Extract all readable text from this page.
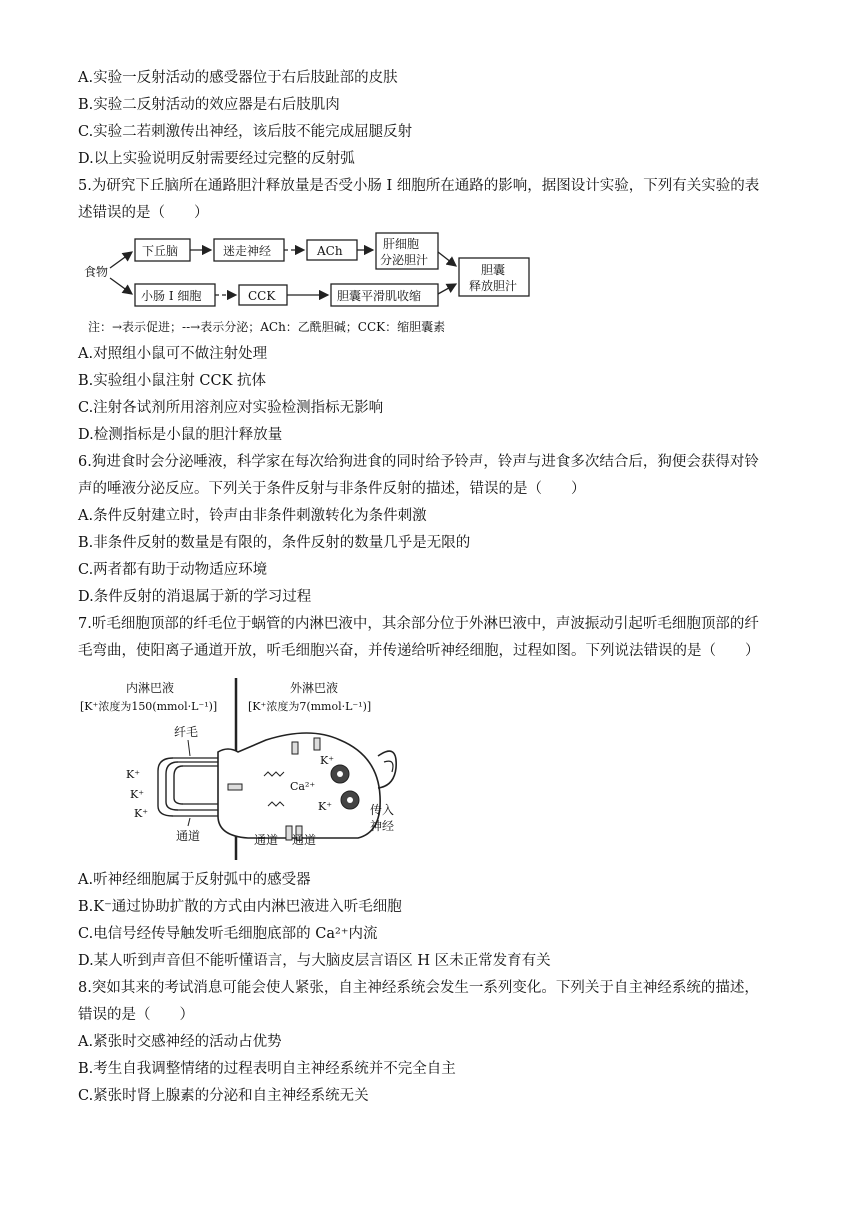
A.实验一反射活动的感受器位于右后肢趾部的皮肤
B.实验二反射活动的效应器是右后肢肌肉
C.实验二若刺激传出神经，该后肢不能完成屈腿反射
D.以上实验说明反射需要经过完整的反射弧
5.为研究下丘脑所在通路胆汁释放量是否受小肠 I 细胞所在通路的影响，据图设计实验，下列有关实验的表
述错误的是（　　）
食物
下丘脑	迷走神经	ACh	肝细胞
分泌胆汁
小肠 I 细胞	CCK	胆囊平滑肌收缩
胆囊
释放胆汁
注：→表示促进；--→表示分泌；ACh：乙酰胆碱；CCK：缩胆囊素
A.对照组小鼠可不做注射处理
B.实验组小鼠注射 CCK 抗体
C.注射各试剂所用溶剂应对实验检测指标无影响
D.检测指标是小鼠的胆汁释放量
6.狗进食时会分泌唾液，科学家在每次给狗进食的同时给予铃声，铃声与进食多次结合后，狗便会获得对铃
声的唾液分泌反应。下列关于条件反射与非条件反射的描述，错误的是（　　）
A.条件反射建立时，铃声由非条件刺激转化为条件刺激
B.非条件反射的数量是有限的，条件反射的数量几乎是无限的
C.两者都有助于动物适应环境
D.条件反射的消退属于新的学习过程
7.听毛细胞顶部的纤毛位于蜗管的内淋巴液中，其余部分位于外淋巴液中，声波振动引起听毛细胞顶部的纤
毛弯曲，使阳离子通道开放，听毛细胞兴奋，并传递给听神经细胞，过程如图。下列说法错误的是（　　）
内淋巴液
[K⁺浓度为150(mmol·L⁻¹)]
外淋巴液
[K⁺浓度为7(mmol·L⁻¹)]
纤毛
K⁺
K⁺
K⁺
K⁺
Ca²⁺
K⁺	传入
神经
通道	通道 通道
A.听神经细胞属于反射弧中的感受器
B.K⁻通过协助扩散的方式由内淋巴液进入听毛细胞
C.电信号经传导触发听毛细胞底部的 Ca²⁺内流
D.某人听到声音但不能听懂语言，与大脑皮层言语区 H 区未正常发育有关
8.突如其来的考试消息可能会使人紧张，自主神经系统会发生一系列变化。下列关于自主神经系统的描述，
错误的是（　　）
A.紧张时交感神经的活动占优势
B.考生自我调整情绪的过程表明自主神经系统并不完全自主
C.紧张时肾上腺素的分泌和自主神经系统无关
